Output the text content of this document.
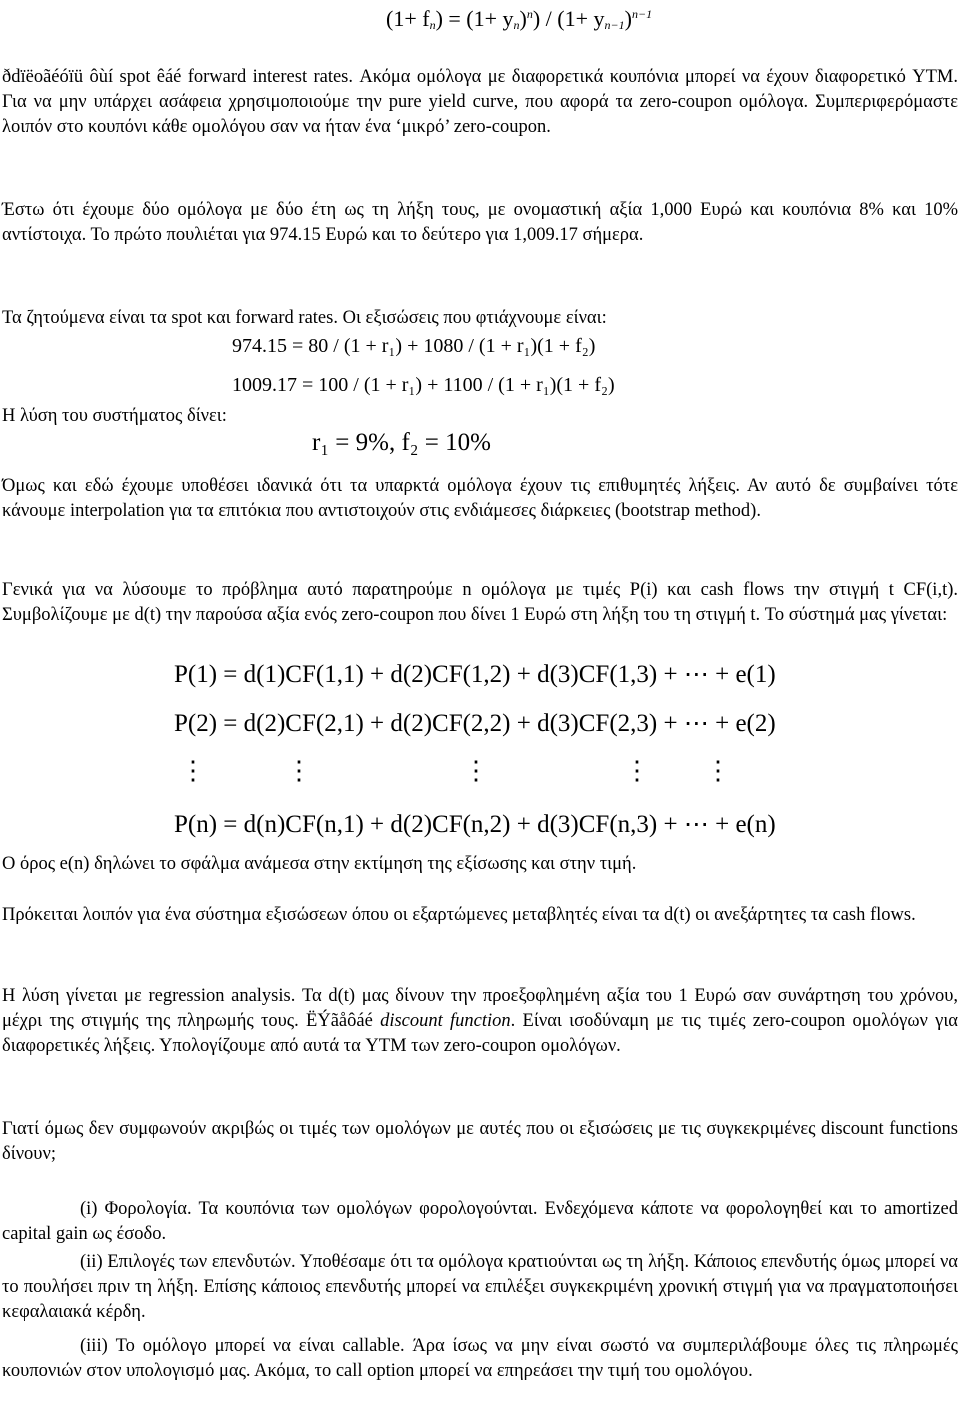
$(1+ f_n) = (1+ y_n)^n) / (1+ y_{n-1})^{n-1}$

ðdïëoãéóïü ôùí spot êáé forward interest rates. Ακόμα ομόλογα με διαφορετικά κουπόνια μπορεί να έχουν διαφορετικό YTM. Για να μην υπάρχει ασάφεια χρησιμοποιούμε την pure yield curve, που αφορά τα zero-coupon ομόλογα. Συμπεριφερόμαστε λοιπόν στο κουπόνι κάθε ομολόγου σαν να ήταν ένα ‘μικρό’ zero-coupon.

Έστω ότι έχουμε δύο ομόλογα με δύο έτη ως τη λήξη τους, με ονομαστική αξία 1,000 Ευρώ και κουπόνια 8% και 10% αντίστοιχα. Το πρώτο πουλιέται για 974.15 Ευρώ και το δεύτερο για 1,009.17 σήμερα.

Τα ζητούμενα είναι τα spot και forward rates. Οι εξισώσεις που φτιάχνουμε είναι:

974.15 = 80 / (1 + r₁) + 1080 / (1 + r₁)(1 + f₂)
1009.17 = 100 / (1 + r₁) + 1100 / (1 + r₁)(1 + f₂)

Η λύση του συστήματος δίνει:

r₁ = 9%, f₂ = 10%

Όμως και εδώ έχουμε υποθέσει ιδανικά ότι τα υπαρκτά ομόλογα έχουν τις επιθυμητές λήξεις. Αν αυτό δε συμβαίνει τότε κάνουμε interpolation για τα επιτόκια που αντιστοιχούν στις ενδιάμεσες διάρκειες (bootstrap method).

Γενικά για να λύσουμε το πρόβλημα αυτό παρατηρούμε n ομόλογα με τιμές P(i) και cash flows την στιγμή t CF(i,t). Συμβολίζουμε με d(t) την παρούσα αξία ενός zero-coupon που δίνει 1 Ευρώ στη λήξη του τη στιγμή t. Το σύστημά μας γίνεται:

P(1) = d(1)CF(1,1) + d(2)CF(1,2) + d(3)CF(1,3) + ⋯ + e(1)
P(2) = d(2)CF(2,1) + d(2)CF(2,2) + d(3)CF(2,3) + ⋯ + e(2)
⋮	⋮	⋮	⋮ ⋮
P(n) = d(n)CF(n,1) + d(2)CF(n,2) + d(3)CF(n,3) + ⋯ + e(n)

Ο όρος e(n) δηλώνει το σφάλμα ανάμεσα στην εκτίμηση της εξίσωσης και στην τιμή.

Πρόκειται λοιπόν για ένα σύστημα εξισώσεων όπου οι εξαρτώμενες μεταβλητές είναι τα d(t) οι ανεξάρτητες τα cash flows.

Η λύση γίνεται με regression analysis. Τα d(t) μας δίνουν την προεξοφλημένη αξία του 1 Ευρώ σαν συνάρτηση του χρόνου, μέχρι της στιγμής της πληρωμής τους. ËÝãåôáé discount function. Είναι ισοδύναμη με τις τιμές zero-coupon ομολόγων για διαφορετικές λήξεις. Υπολογίζουμε από αυτά τα YTM των zero-coupon ομολόγων.

Γιατί όμως δεν συμφωνούν ακριβώς οι τιμές των ομολόγων με αυτές που οι εξισώσεις με τις συγκεκριμένες discount functions δίνουν;

(i) Φορολογία. Τα κουπόνια των ομολόγων φορολογούνται. Ενδεχόμενα κάποτε να φορολογηθεί και το amortized capital gain ως έσοδο.

(ii) Επιλογές των επενδυτών. Υποθέσαμε ότι τα ομόλογα κρατιούνται ως τη λήξη. Κάποιος επενδυτής όμως μπορεί να το πουλήσει πριν τη λήξη. Επίσης κάποιος επενδυτής μπορεί να επιλέξει συγκεκριμένη χρονική στιγμή για να πραγματοποιήσει κεφαλαιακά κέρδη.

(iii) Το ομόλογο μπορεί να είναι callable. Άρα ίσως να μην είναι σωστό να συμπεριλάβουμε όλες τις πληρωμές κουπονιών στον υπολογισμό μας. Ακόμα, το call option μπορεί να επηρεάσει την τιμή του ομολόγου.
